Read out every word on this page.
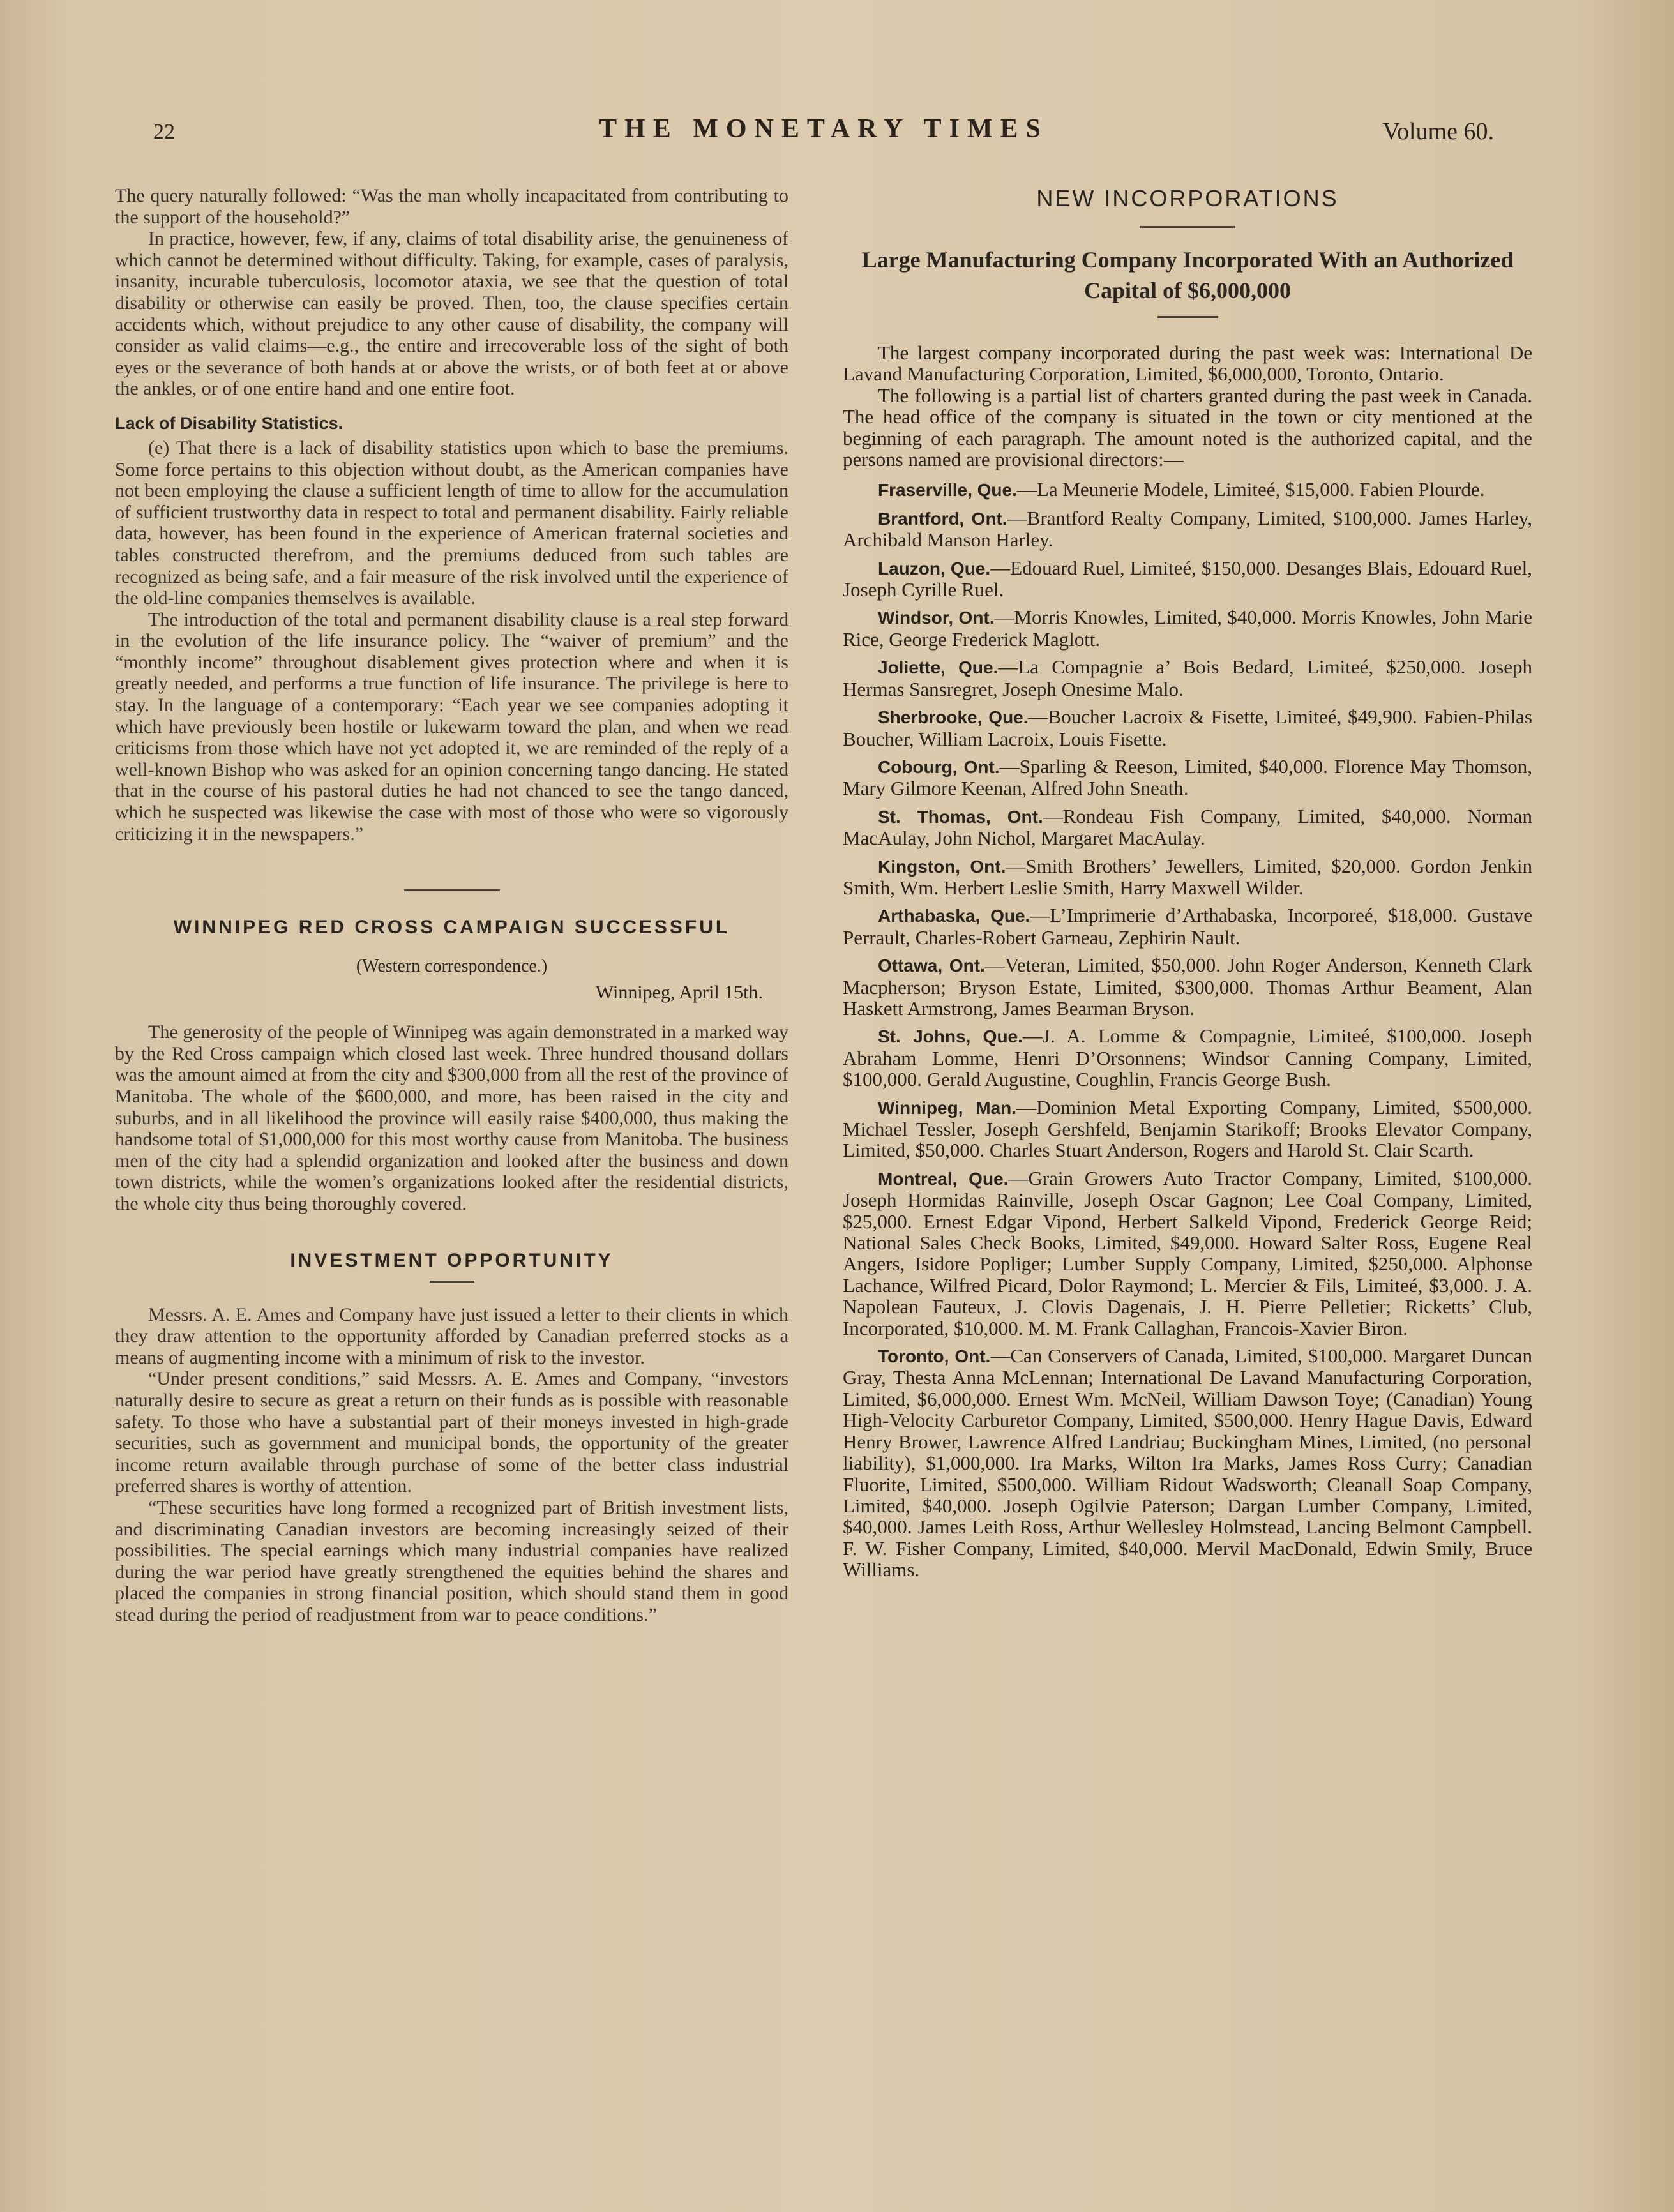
22	THE MONETARY TIMES	Volume 60.

The query naturally followed: “Was the man wholly incapacitated from contributing to the support of the household?”

In practice, however, few, if any, claims of total disability arise, the genuineness of which cannot be determined without difficulty. Taking, for example, cases of paralysis, insanity, incurable tuberculosis, locomotor ataxia, we see that the question of total disability or otherwise can easily be proved. Then, too, the clause specifies certain accidents which, without prejudice to any other cause of disability, the company will consider as valid claims—e.g., the entire and irrecoverable loss of the sight of both eyes or the severance of both hands at or above the wrists, or of both feet at or above the ankles, or of one entire hand and one entire foot.

Lack of Disability Statistics.

(e) That there is a lack of disability statistics upon which to base the premiums. Some force pertains to this objection without doubt, as the American companies have not been employing the clause a sufficient length of time to allow for the accumulation of sufficient trustworthy data in respect to total and permanent disability. Fairly reliable data, however, has been found in the experience of American fraternal societies and tables constructed therefrom, and the premiums deduced from such tables are recognized as being safe, and a fair measure of the risk involved until the experience of the old-line companies themselves is available.

The introduction of the total and permanent disability clause is a real step forward in the evolution of the life insurance policy. The “waiver of premium” and the “monthly income” throughout disablement gives protection where and when it is greatly needed, and performs a true function of life insurance. The privilege is here to stay. In the language of a contemporary: “Each year we see companies adopting it which have previously been hostile or lukewarm toward the plan, and when we read criticisms from those which have not yet adopted it, we are reminded of the reply of a well-known Bishop who was asked for an opinion concerning tango dancing. He stated that in the course of his pastoral duties he had not chanced to see the tango danced, which he suspected was likewise the case with most of those who were so vigorously criticizing it in the newspapers.”

WINNIPEG RED CROSS CAMPAIGN SUCCESSFUL
(Western correspondence.)
Winnipeg, April 15th.

The generosity of the people of Winnipeg was again demonstrated in a marked way by the Red Cross campaign which closed last week. Three hundred thousand dollars was the amount aimed at from the city and $300,000 from all the rest of the province of Manitoba. The whole of the $600,000, and more, has been raised in the city and suburbs, and in all likelihood the province will easily raise $400,000, thus making the handsome total of $1,000,000 for this most worthy cause from Manitoba. The business men of the city had a splendid organization and looked after the business and down town districts, while the women’s organizations looked after the residential districts, the whole city thus being thoroughly covered.

INVESTMENT OPPORTUNITY

Messrs. A. E. Ames and Company have just issued a letter to their clients in which they draw attention to the opportunity afforded by Canadian preferred stocks as a means of augmenting income with a minimum of risk to the investor.

“Under present conditions,” said Messrs. A. E. Ames and Company, “investors naturally desire to secure as great a return on their funds as is possible with reasonable safety. To those who have a substantial part of their moneys invested in high-grade securities, such as government and municipal bonds, the opportunity of the greater income return available through purchase of some of the better class industrial preferred shares is worthy of attention.

“These securities have long formed a recognized part of British investment lists, and discriminating Canadian investors are becoming increasingly seized of their possibilities. The special earnings which many industrial companies have realized during the war period have greatly strengthened the equities behind the shares and placed the companies in strong financial position, which should stand them in good stead during the period of readjustment from war to peace conditions.”

NEW INCORPORATIONS
Large Manufacturing Company Incorporated With an Authorized Capital of $6,000,000

The largest company incorporated during the past week was: International De Lavand Manufacturing Corporation, Limited, $6,000,000, Toronto, Ontario.

The following is a partial list of charters granted during the past week in Canada. The head office of the company is situated in the town or city mentioned at the beginning of each paragraph. The amount noted is the authorized capital, and the persons named are provisional directors:—

Fraserville, Que.—La Meunerie Modele, Limiteé, $15,000. Fabien Plourde.

Brantford, Ont.—Brantford Realty Company, Limited, $100,000. James Harley, Archibald Manson Harley.

Lauzon, Que.—Edouard Ruel, Limiteé, $150,000. Desanges Blais, Edouard Ruel, Joseph Cyrille Ruel.

Windsor, Ont.—Morris Knowles, Limited, $40,000. Morris Knowles, John Marie Rice, George Frederick Maglott.

Joliette, Que.—La Compagnie a’ Bois Bedard, Limiteé, $250,000. Joseph Hermas Sansregret, Joseph Onesime Malo.

Sherbrooke, Que.—Boucher Lacroix & Fisette, Limiteé, $49,900. Fabien-Philas Boucher, William Lacroix, Louis Fisette.

Cobourg, Ont.—Sparling & Reeson, Limited, $40,000. Florence May Thomson, Mary Gilmore Keenan, Alfred John Sneath.

St. Thomas, Ont.—Rondeau Fish Company, Limited, $40,000. Norman MacAulay, John Nichol, Margaret MacAulay.

Kingston, Ont.—Smith Brothers’ Jewellers, Limited, $20,000. Gordon Jenkin Smith, Wm. Herbert Leslie Smith, Harry Maxwell Wilder.

Arthabaska, Que.—L’Imprimerie d’Arthabaska, Incorporeé, $18,000. Gustave Perrault, Charles-Robert Garneau, Zephirin Nault.

Ottawa, Ont.—Veteran, Limited, $50,000. John Roger Anderson, Kenneth Clark Macpherson; Bryson Estate, Limited, $300,000. Thomas Arthur Beament, Alan Haskett Armstrong, James Bearman Bryson.

St. Johns, Que.—J. A. Lomme & Compagnie, Limiteé, $100,000. Joseph Abraham Lomme, Henri D’Orsonnens; Windsor Canning Company, Limited, $100,000. Gerald Augustine, Coughlin, Francis George Bush.

Winnipeg, Man.—Dominion Metal Exporting Company, Limited, $500,000. Michael Tessler, Joseph Gershfeld, Benjamin Starikoff; Brooks Elevator Company, Limited, $50,000. Charles Stuart Anderson, Rogers and Harold St. Clair Scarth.

Montreal, Que.—Grain Growers Auto Tractor Company, Limited, $100,000. Joseph Hormidas Rainville, Joseph Oscar Gagnon; Lee Coal Company, Limited, $25,000. Ernest Edgar Vipond, Herbert Salkeld Vipond, Frederick George Reid; National Sales Check Books, Limited, $49,000. Howard Salter Ross, Eugene Real Angers, Isidore Popliger; Lumber Supply Company, Limited, $250,000. Alphonse Lachance, Wilfred Picard, Dolor Raymond; L. Mercier & Fils, Limiteé, $3,000. J. A. Napolean Fauteux, J. Clovis Dagenais, J. H. Pierre Pelletier; Ricketts’ Club, Incorporated, $10,000. M. M. Frank Callaghan, Francois-Xavier Biron.

Toronto, Ont.—Can Conservers of Canada, Limited, $100,000. Margaret Duncan Gray, Thesta Anna McLennan; International De Lavand Manufacturing Corporation, Limited, $6,000,000. Ernest Wm. McNeil, William Dawson Toye; (Canadian) Young High-Velocity Carburetor Company, Limited, $500,000. Henry Hague Davis, Edward Henry Brower, Lawrence Alfred Landriau; Buckingham Mines, Limited, (no personal liability), $1,000,000. Ira Marks, Wilton Ira Marks, James Ross Curry; Canadian Fluorite, Limited, $500,000. William Ridout Wadsworth; Cleanall Soap Company, Limited, $40,000. Joseph Ogilvie Paterson; Dargan Lumber Company, Limited, $40,000. James Leith Ross, Arthur Wellesley Holmstead, Lancing Belmont Campbell. F. W. Fisher Company, Limited, $40,000. Mervil MacDonald, Edwin Smily, Bruce Williams.
